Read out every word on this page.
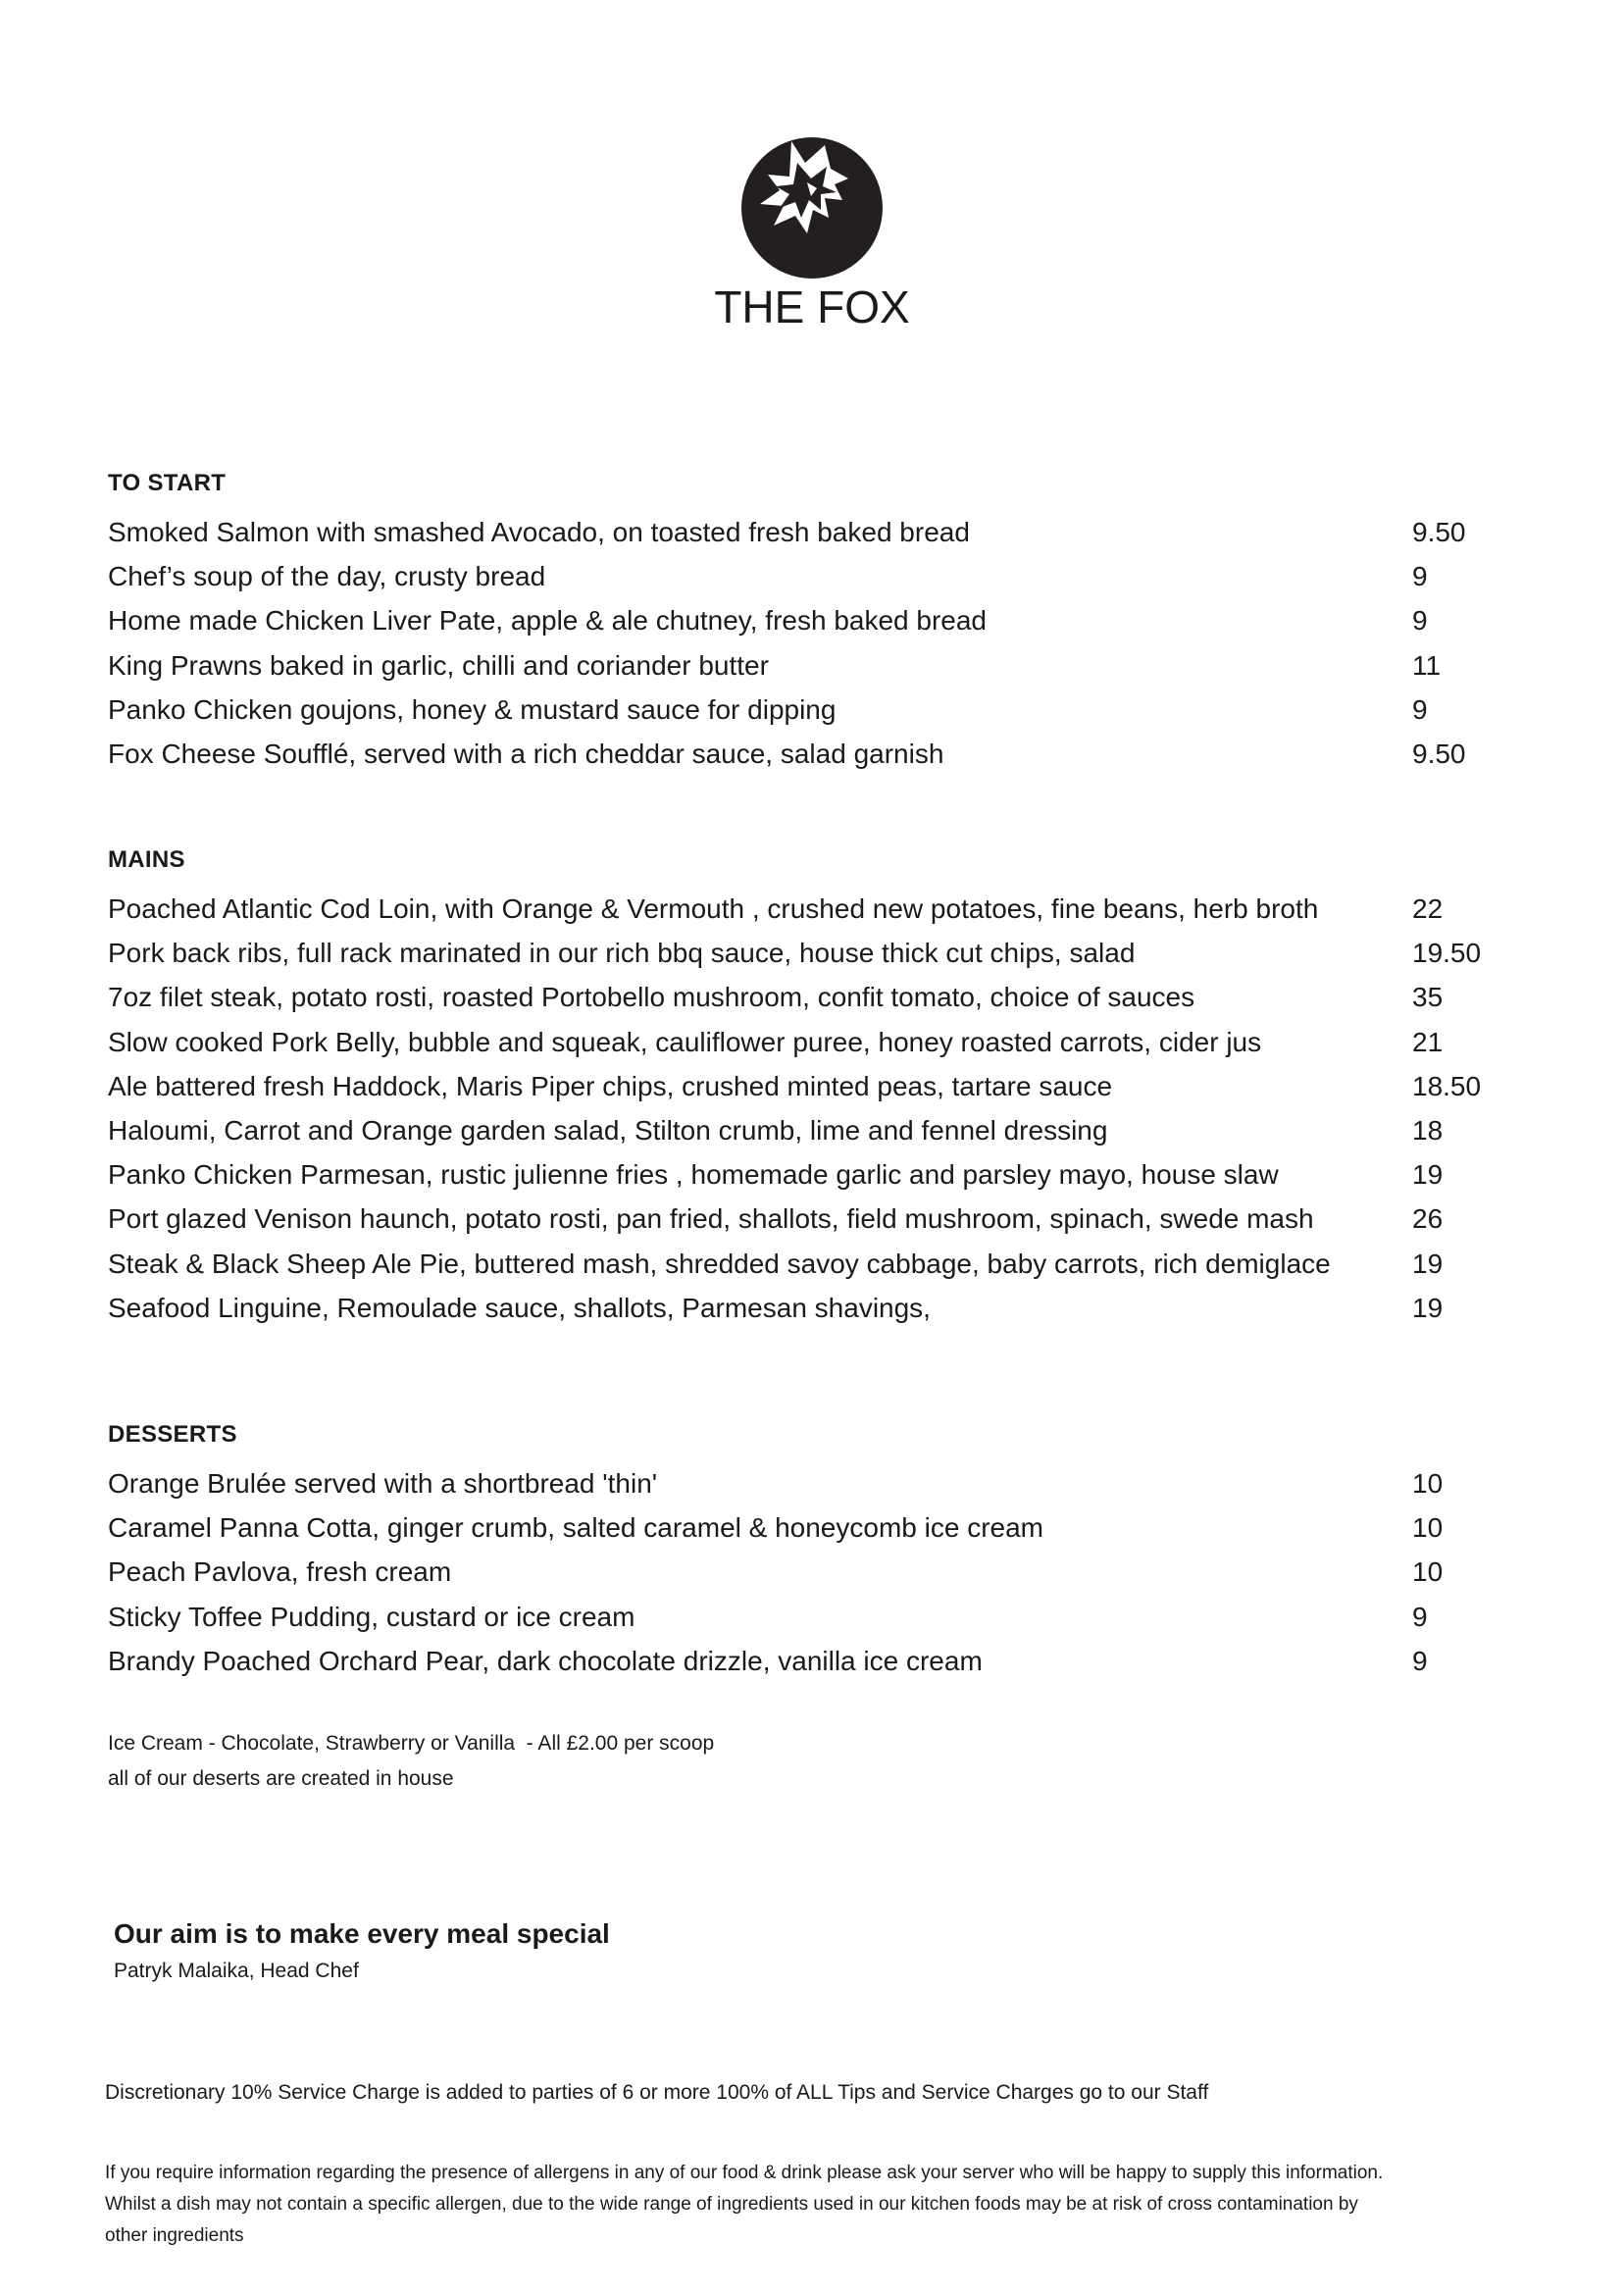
THE FOX
TO START
Smoked Salmon with smashed Avocado, on toasted fresh baked bread	9.50
Chef’s soup of the day, crusty bread	9
Home made Chicken Liver Pate, apple & ale chutney, fresh baked bread	9
King Prawns baked in garlic, chilli and coriander butter	11
Panko Chicken goujons, honey & mustard sauce for dipping	9
Fox Cheese Soufflé, served with a rich cheddar sauce, salad garnish	9.50
MAINS
Poached Atlantic Cod Loin, with Orange & Vermouth , crushed new potatoes, fine beans, herb broth	22
Pork back ribs, full rack marinated in our rich bbq sauce, house thick cut chips, salad	19.50
7oz filet steak, potato rosti, roasted Portobello mushroom, confit tomato, choice of sauces	35
Slow cooked Pork Belly, bubble and squeak, cauliflower puree, honey roasted carrots, cider jus	21
Ale battered fresh Haddock, Maris Piper chips, crushed minted peas, tartare sauce	18.50
Haloumi, Carrot and Orange garden salad, Stilton crumb, lime and fennel dressing	18
Panko Chicken Parmesan, rustic julienne fries , homemade garlic and parsley mayo, house slaw	19
Port glazed Venison haunch, potato rosti, pan fried, shallots, field mushroom, spinach, swede mash	26
Steak & Black Sheep Ale Pie, buttered mash, shredded savoy cabbage, baby carrots, rich demiglace	19
Seafood Linguine, Remoulade sauce, shallots, Parmesan shavings,	19
DESSERTS
Orange Brulée served with a shortbread 'thin'	10
Caramel Panna Cotta, ginger crumb, salted caramel & honeycomb ice cream	10
Peach Pavlova, fresh cream	10
Sticky Toffee Pudding, custard or ice cream	9
Brandy Poached Orchard Pear, dark chocolate drizzle, vanilla ice cream	9
Ice Cream - Chocolate, Strawberry or Vanilla  - All £2.00 per scoop
all of our deserts are created in house
Our aim is to make every meal special
Patryk Malaika, Head Chef
Discretionary 10% Service Charge is added to parties of 6 or more 100% of ALL Tips and Service Charges go to our Staff
If you require information regarding the presence of allergens in any of our food & drink please ask your server who will be happy to supply this information.
Whilst a dish may not contain a specific allergen, due to the wide range of ingredients used in our kitchen foods may be at risk of cross contamination by
other ingredients
